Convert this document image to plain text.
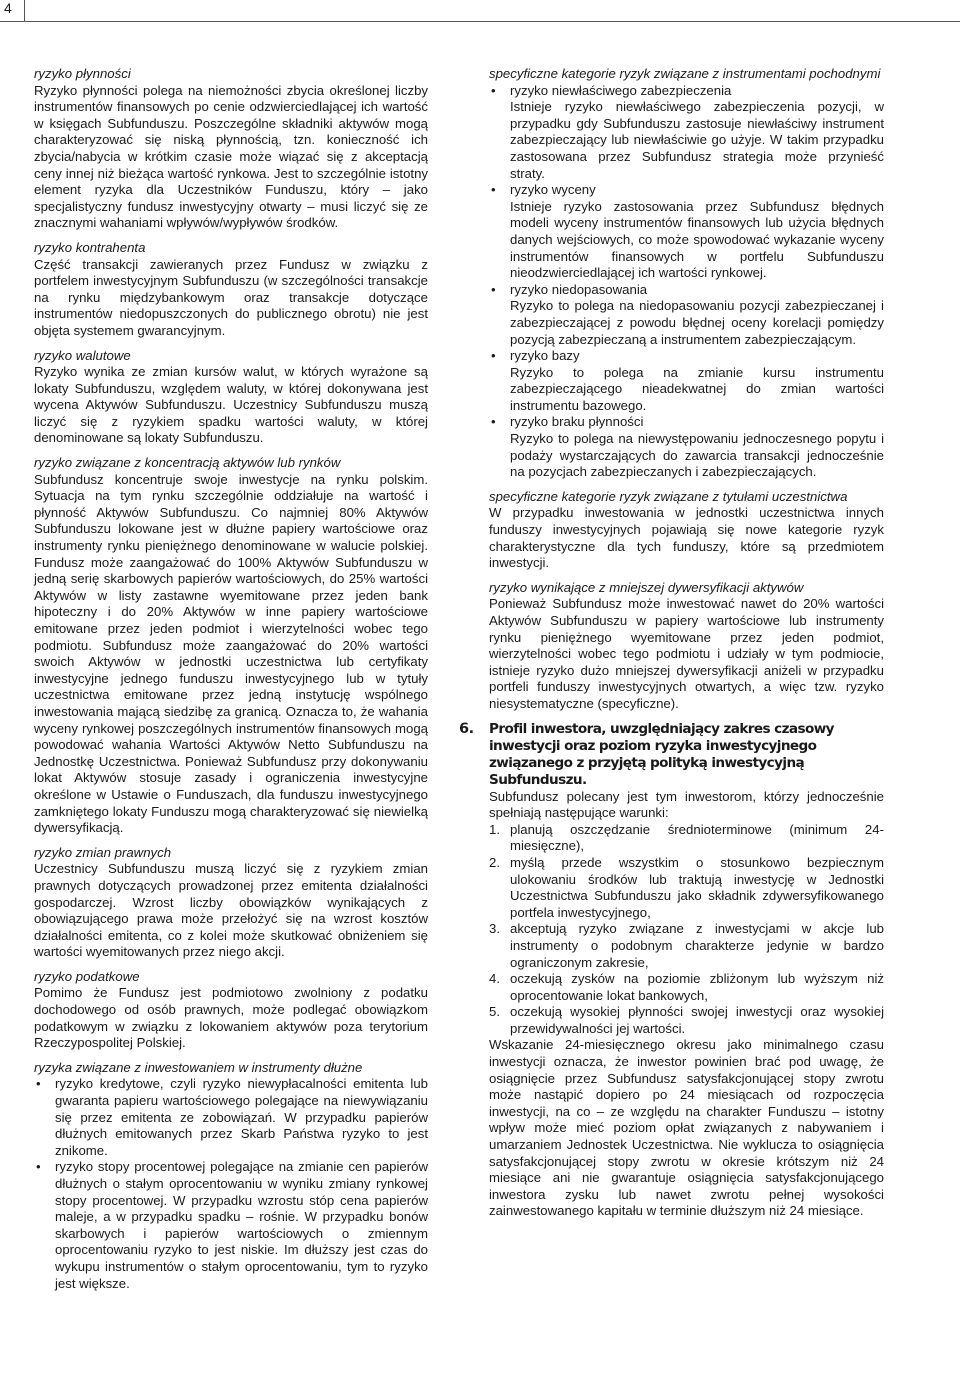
4

ryzyko płynności

Ryzyko płynności polega na niemożności zbycia określonej liczby instrumentów finansowych po cenie odzwierciedlającej ich wartość w księgach Subfunduszu. Poszczególne składniki aktywów mogą charakteryzować się niską płynnością, tzn. konieczność ich zbycia/nabycia w krótkim czasie może wiązać się z akceptacją ceny innej niż bieżąca wartość rynkowa. Jest to szczególnie istotny element ryzyka dla Uczestników Funduszu, który – jako specjalistyczny fundusz inwestycyjny otwarty – musi liczyć się ze znacznymi wahaniami wpływów/wypływów środków.

ryzyko kontrahenta

Część transakcji zawieranych przez Fundusz w związku z portfelem inwestycyjnym Subfunduszu (w szczególności transakcje na rynku międzybankowym oraz transakcje dotyczące instrumentów niedopuszczonych do publicznego obrotu) nie jest objęta systemem gwarancyjnym.

ryzyko walutowe

Ryzyko wynika ze zmian kursów walut, w których wyrażone są lokaty Subfunduszu, względem waluty, w której dokonywana jest wycena Aktywów Subfunduszu. Uczestnicy Subfunduszu muszą liczyć się z ryzykiem spadku wartości waluty, w której denominowane są lokaty Subfunduszu.

ryzyko związane z koncentracją aktywów lub rynków

Subfundusz koncentruje swoje inwestycje na rynku polskim. Sytuacja na tym rynku szczególnie oddziałuje na wartość i płynność Aktywów Subfunduszu. Co najmniej 80% Aktywów Subfunduszu lokowane jest w dłużne papiery wartościowe oraz instrumenty rynku pieniężnego denominowane w walucie polskiej. Fundusz może zaangażować do 100% Aktywów Subfunduszu w jedną serię skarbowych papierów wartościowych, do 25% wartości Aktywów w listy zastawne wyemitowane przez jeden bank hipoteczny i do 20% Aktywów w inne papiery wartościowe emitowane przez jeden podmiot i wierzytelności wobec tego podmiotu. Subfundusz może zaangażować do 20% wartości swoich Aktywów w jednostki uczestnictwa lub certyfikaty inwestycyjne jednego funduszu inwestycyjnego lub w tytuły uczestnictwa emitowane przez jedną instytucję wspólnego inwestowania mającą siedzibę za granicą. Oznacza to, że wahania wyceny rynkowej poszczególnych instrumentów finansowych mogą powodować wahania Wartości Aktywów Netto Subfunduszu na Jednostkę Uczestnictwa. Ponieważ Subfundusz przy dokonywaniu lokat Aktywów stosuje zasady i ograniczenia inwestycyjne określone w Ustawie o Funduszach, dla funduszu inwestycyjnego zamkniętego lokaty Funduszu mogą charakteryzować się niewielką dywersyfikacją.

ryzyko zmian prawnych

Uczestnicy Subfunduszu muszą liczyć się z ryzykiem zmian prawnych dotyczących prowadzonej przez emitenta działalności gospodarczej. Wzrost liczby obowiązków wynikających z obowiązującego prawa może przełożyć się na wzrost kosztów działalności emitenta, co z kolei może skutkować obniżeniem się wartości wyemitowanych przez niego akcji.

ryzyko podatkowe

Pomimo że Fundusz jest podmiotowo zwolniony z podatku dochodowego od osób prawnych, może podlegać obowiązkom podatkowym w związku z lokowaniem aktywów poza terytorium Rzeczypospolitej Polskiej.

ryzyka związane z inwestowaniem w instrumenty dłużne

• ryzyko kredytowe, czyli ryzyko niewypłacalności emitenta lub gwaranta papieru wartościowego polegające na niewywiązaniu się przez emitenta ze zobowiązań. W przypadku papierów dłużnych emitowanych przez Skarb Państwa ryzyko to jest znikome.
• ryzyko stopy procentowej polegające na zmianie cen papierów dłużnych o stałym oprocentowaniu w wyniku zmiany rynkowej stopy procentowej. W przypadku wzrostu stóp cena papierów maleje, a w przypadku spadku – rośnie. W przypadku bonów skarbowych i papierów wartościowych o zmiennym oprocentowaniu ryzyko to jest niskie. Im dłuższy jest czas do wykupu instrumentów o stałym oprocentowaniu, tym to ryzyko jest większe.

specyficzne kategorie ryzyk związane z instrumentami pochodnymi

• ryzyko niewłaściwego zabezpieczenia
Istnieje ryzyko niewłaściwego zabezpieczenia pozycji, w przypadku gdy Subfunduszu zastosuje niewłaściwy instrument zabezpieczający lub niewłaściwie go użyje. W takim przypadku zastosowana przez Subfundusz strategia może przynieść straty.
• ryzyko wyceny
Istnieje ryzyko zastosowania przez Subfundusz błędnych modeli wyceny instrumentów finansowych lub użycia błędnych danych wejściowych, co może spowodować wykazanie wyceny instrumentów finansowych w portfelu Subfunduszu nieodzwierciedlającej ich wartości rynkowej.
• ryzyko niedopasowania
Ryzyko to polega na niedopasowaniu pozycji zabezpieczanej i zabezpieczającej z powodu błędnej oceny korelacji pomiędzy pozycją zabezpieczaną a instrumentem zabezpieczającym.
• ryzyko bazy
Ryzyko to polega na zmianie kursu instrumentu zabezpieczającego nieadekwatnej do zmian wartości instrumentu bazowego.
• ryzyko braku płynności
Ryzyko to polega na niewystępowaniu jednoczesnego popytu i podaży wystarczających do zawarcia transakcji jednocześnie na pozycjach zabezpieczanych i zabezpieczających.

specyficzne kategorie ryzyk związane z tytułami uczestnictwa

W przypadku inwestowania w jednostki uczestnictwa innych funduszy inwestycyjnych pojawiają się nowe kategorie ryzyk charakterystyczne dla tych funduszy, które są przedmiotem inwestycji.

ryzyko wynikające z mniejszej dywersyfikacji aktywów

Ponieważ Subfundusz może inwestować nawet do 20% wartości Aktywów Subfunduszu w papiery wartościowe lub instrumenty rynku pieniężnego wyemitowane przez jeden podmiot, wierzytelności wobec tego podmiotu i udziały w tym podmiocie, istnieje ryzyko dużo mniejszej dywersyfikacji aniżeli w przypadku portfeli funduszy inwestycyjnych otwartych, a więc tzw. ryzyko niesystematyczne (specyficzne).

6. Profil inwestora, uwzględniający zakres czasowy inwestycji oraz poziom ryzyka inwestycyjnego związanego z przyjętą polityką inwestycyjną Subfunduszu.

Subfundusz polecany jest tym inwestorom, którzy jednocześnie spełniają następujące warunki:

1. planują oszczędzanie średnioterminowe (minimum 24-miesięczne),
2. myślą przede wszystkim o stosunkowo bezpiecznym ulokowaniu środków lub traktują inwestycję w Jednostki Uczestnictwa Subfunduszu jako składnik zdywersyfikowanego portfela inwestycyjnego,
3. akceptują ryzyko związane z inwestycjami w akcje lub instrumenty o podobnym charakterze jedynie w bardzo ograniczonym zakresie,
4. oczekują zysków na poziomie zbliżonym lub wyższym niż oprocentowanie lokat bankowych,
5. oczekują wysokiej płynności swojej inwestycji oraz wysokiej przewidywalności jej wartości.

Wskazanie 24-miesięcznego okresu jako minimalnego czasu inwestycji oznacza, że inwestor powinien brać pod uwagę, że osiągnięcie przez Subfundusz satysfakcjonującej stopy zwrotu może nastąpić dopiero po 24 miesiącach od rozpoczęcia inwestycji, na co – ze względu na charakter Funduszu – istotny wpływ może mieć poziom opłat związanych z nabywaniem i umarzaniem Jednostek Uczestnictwa. Nie wyklucza to osiągnięcia satysfakcjonującej stopy zwrotu w okresie krótszym niż 24 miesiące ani nie gwarantuje osiągnięcia satysfakcjonującego inwestora zysku lub nawet zwrotu pełnej wysokości zainwestowanego kapitału w terminie dłuższym niż 24 miesiące.
